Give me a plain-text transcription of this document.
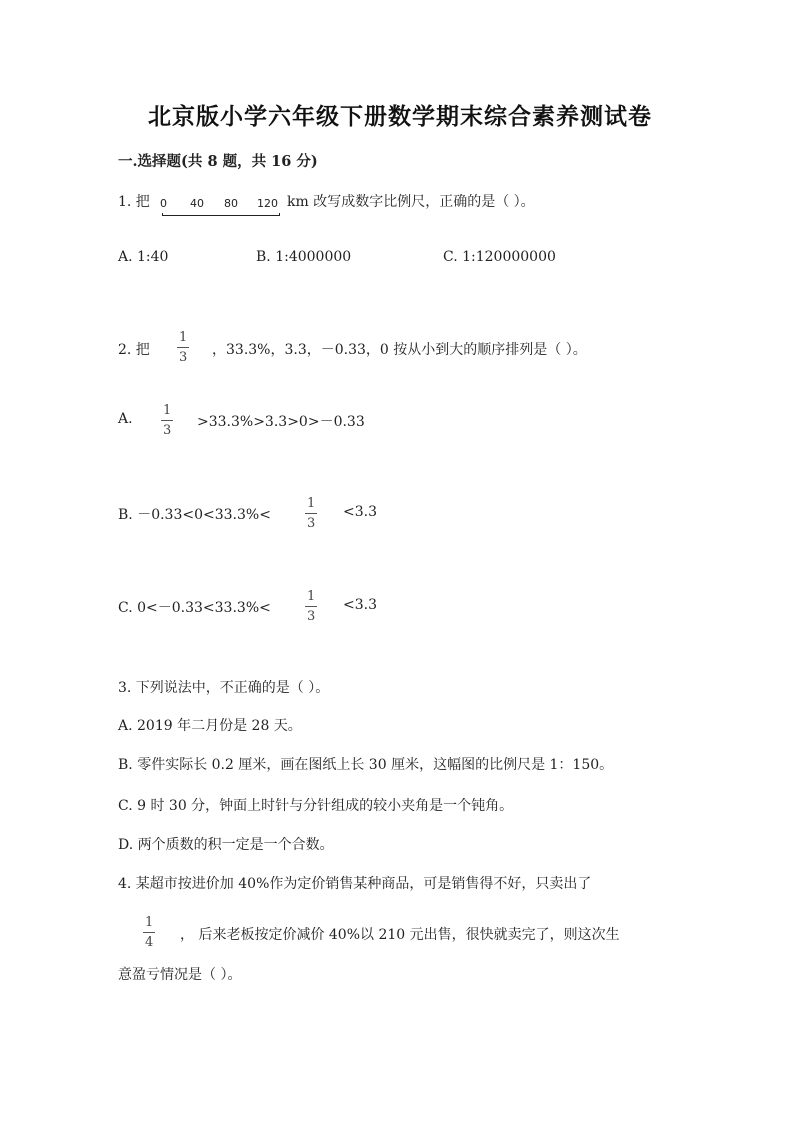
北京版小学六年级下册数学期末综合素养测试卷
一.选择题(共 8 题，共 16 分)
1. 把 0 40 80 120 km 改写成数字比例尺，正确的是（ ）。
A. 1:40	B. 1:4000000	C. 1:120000000
2. 把
1
3 ，33.3%，3.3，－0.33，0 按从小到大的顺序排列是（ ）。
A.
1
3
>33.3%>3.3>0>－0.33
B. －0.33<0<33.3%<
1
3
<3.3
C. 0<－0.33<33.3%<
1
3
<3.3
3. 下列说法中，不正确的是（ ）。
A. 2019 年二月份是 28 天。
B. 零件实际长 0.2 厘米，画在图纸上长 30 厘米，这幅图的比例尺是 1：150。
C. 9 时 30 分，钟面上时针与分针组成的较小夹角是一个钝角。
D. 两个质数的积一定是一个合数。
4. 某超市按进价加 40%作为定价销售某种商品，可是销售得不好，只卖出了
1
4 ， 后来老板按定价减价 40%以 210 元出售，很快就卖完了，则这次生
意盈亏情况是（ ）。
